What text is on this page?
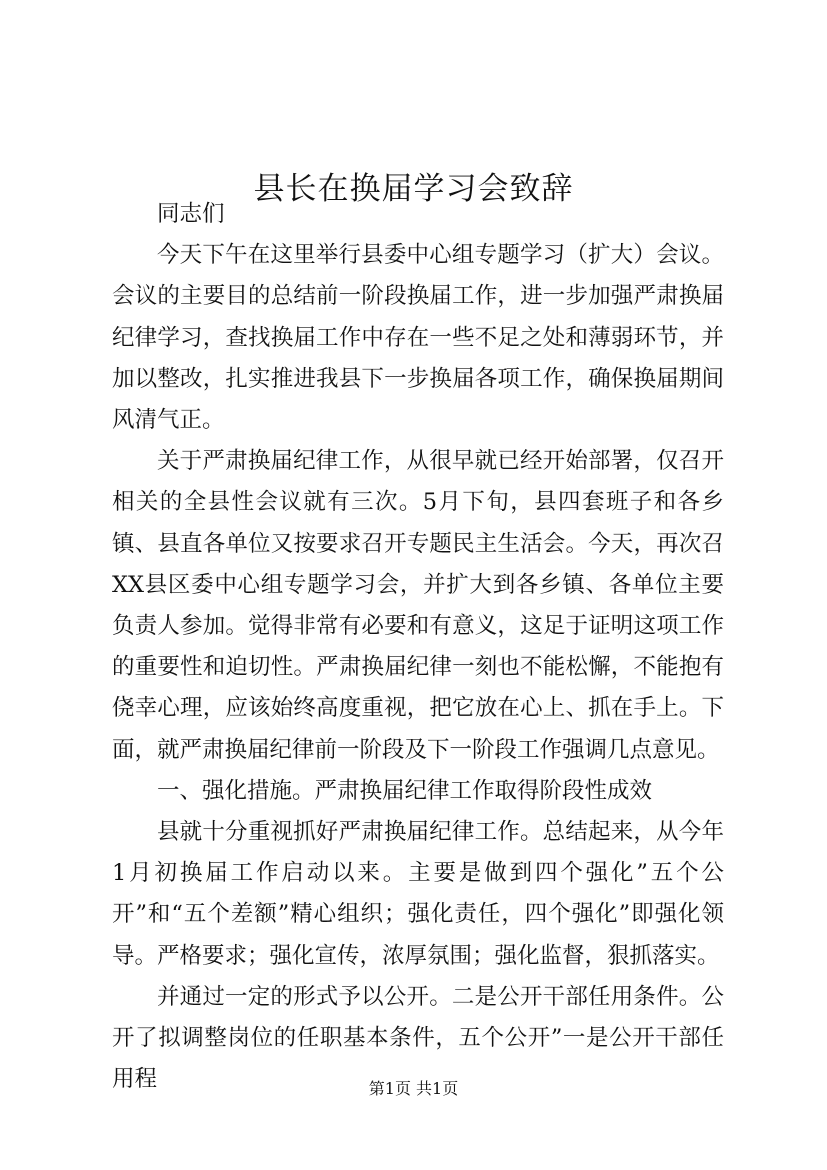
县长在换届学习会致辞

同志们

今天下午在这里举行县委中心组专题学习（扩大）会议。会议的主要目的总结前一阶段换届工作，进一步加强严肃换届纪律学习，查找换届工作中存在一些不足之处和薄弱环节，并加以整改，扎实推进我县下一步换届各项工作，确保换届期间风清气正。

关于严肃换届纪律工作，从很早就已经开始部署，仅召开相关的全县性会议就有三次。5月下旬，县四套班子和各乡镇、县直各单位又按要求召开专题民主生活会。今天，再次召XX县区委中心组专题学习会，并扩大到各乡镇、各单位主要负责人参加。觉得非常有必要和有意义，这足于证明这项工作的重要性和迫切性。严肃换届纪律一刻也不能松懈，不能抱有侥幸心理，应该始终高度重视，把它放在心上、抓在手上。下面，就严肃换届纪律前一阶段及下一阶段工作强调几点意见。

一、强化措施。严肃换届纪律工作取得阶段性成效

县就十分重视抓好严肃换届纪律工作。总结起来，从今年1月初换届工作启动以来。主要是做到四个强化”五个公开”和“五个差额”精心组织；强化责任，四个强化”即强化领导。严格要求；强化宣传，浓厚氛围；强化监督，狠抓落实。

并通过一定的形式予以公开。二是公开干部任用条件。公开了拟调整岗位的任职基本条件，五个公开”一是公开干部任用程	第1页 共1页
